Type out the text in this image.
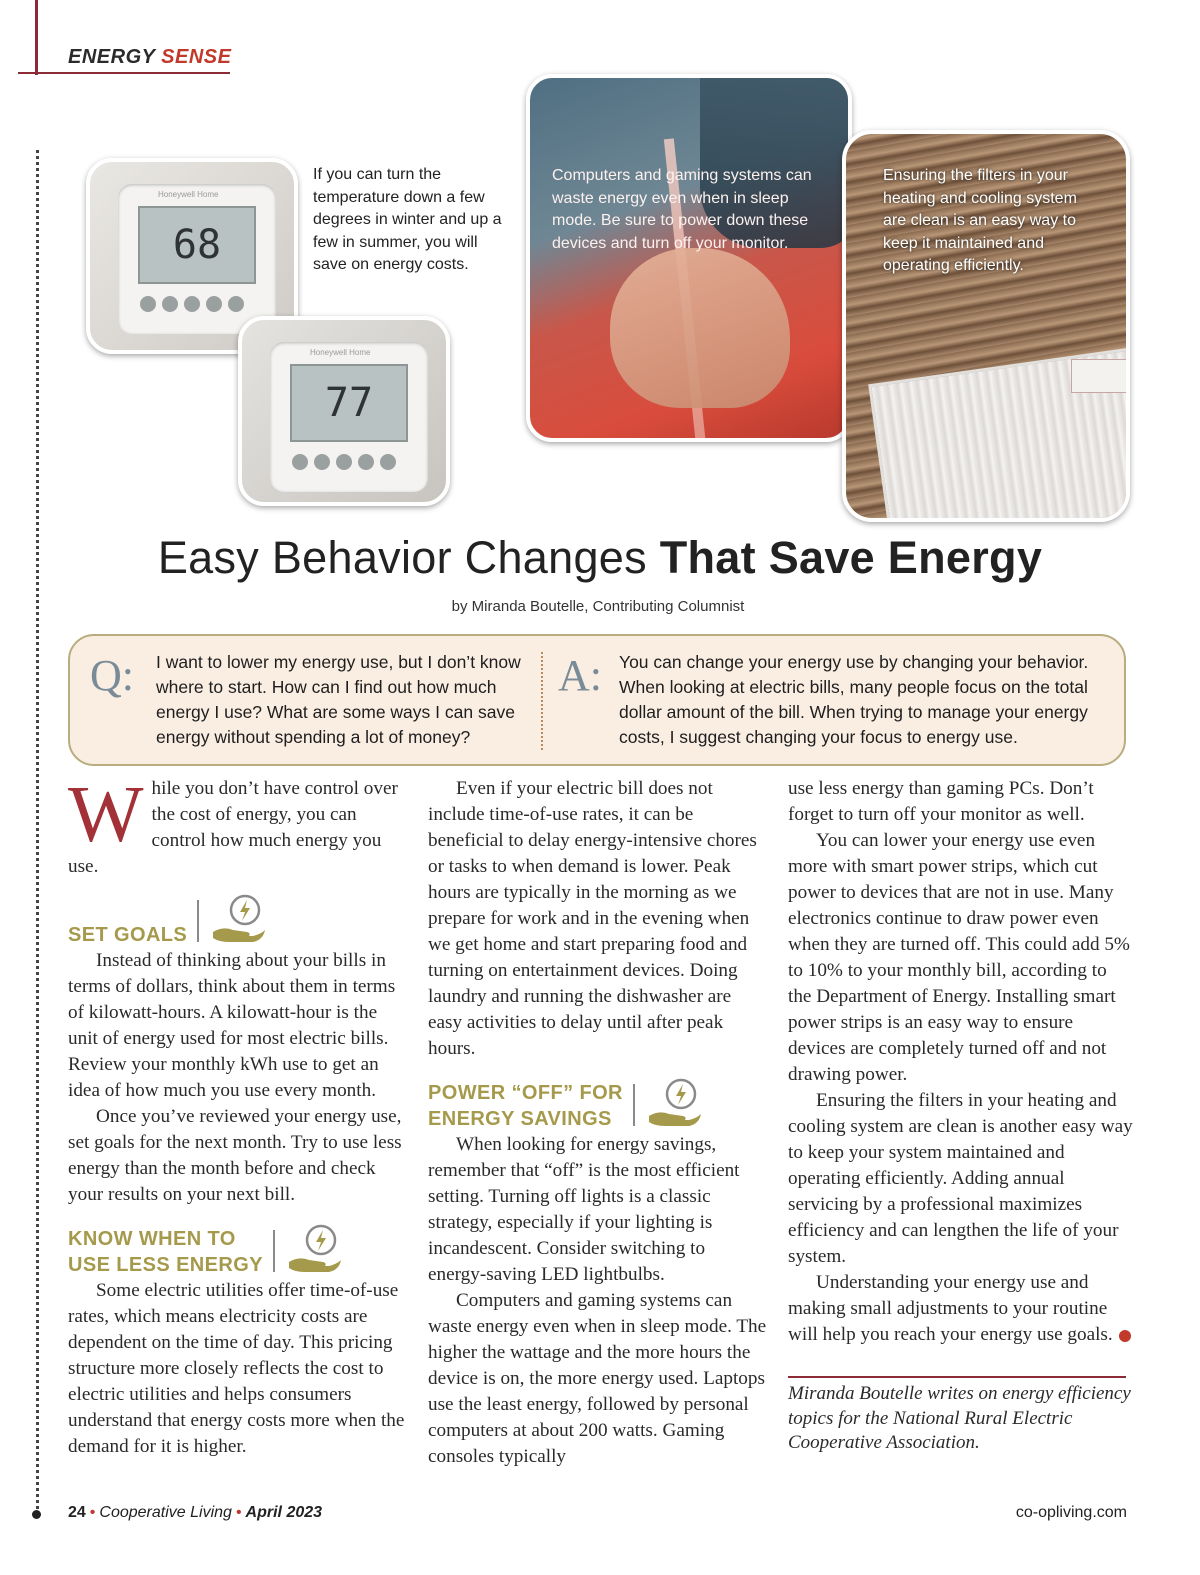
ENERGY SENSE
Honeywell Home
68
Honeywell Home
77
If you can turn the temperature down a few degrees in winter and up a few in summer, you will save on energy costs.
Computers and gaming systems can waste energy even when in sleep mode. Be sure to power down these devices and turn off your monitor.
Ensuring the filters in your heating and cooling system are clean is an easy way to keep it maintained and operating efficiently.
Easy Behavior Changes That Save Energy
by Miranda Boutelle, Contributing Columnist
Q: I want to lower my energy use, but I don’t know where to start. How can I find out how much energy I use? What are some ways I can save energy without spending a lot of money?
A: You can change your energy use by changing your behavior. When looking at electric bills, many people focus on the total dollar amount of the bill. When trying to manage your energy costs, I suggest changing your focus to energy use.

While you don’t have control over the cost of energy, you can control how much energy you use.

SET GOALS

Instead of thinking about your bills in terms of dollars, think about them in terms of kilowatt-hours. A kilowatt-hour is the unit of energy used for most electric bills. Review your monthly kWh use to get an idea of how much you use every month.

Once you’ve reviewed your energy use, set goals for the next month. Try to use less energy than the month before and check your results on your next bill.

KNOW WHEN TO
USE LESS ENERGY

Some electric utilities offer time-of-use rates, which means electricity costs are dependent on the time of day. This pricing structure more closely reflects the cost to electric utilities and helps consumers understand that energy costs more when the demand for it is higher.

Even if your electric bill does not include time-of-use rates, it can be beneficial to delay energy-intensive chores or tasks to when demand is lower. Peak hours are typically in the morning as we prepare for work and in the evening when we get home and start preparing food and turning on entertainment devices. Doing laundry and running the dishwasher are easy activities to delay until after peak hours.

POWER “OFF” FOR
ENERGY SAVINGS

When looking for energy savings, remember that “off” is the most efficient setting. Turning off lights is a classic strategy, especially if your lighting is incandescent. Consider switching to energy-saving LED lightbulbs.

Computers and gaming systems can waste energy even when in sleep mode. The higher the wattage and the more hours the device is on, the more energy used. Laptops use the least energy, followed by personal computers at about 200 watts. Gaming consoles typically

use less energy than gaming PCs. Don’t forget to turn off your monitor as well.

You can lower your energy use even more with smart power strips, which cut power to devices that are not in use. Many electronics continue to draw power even when they are turned off. This could add 5% to 10% to your monthly bill, according to the Department of Energy. Installing smart power strips is an easy way to ensure devices are completely turned off and not drawing power.

Ensuring the filters in your heating and cooling system are clean is another easy way to keep your system maintained and operating efficiently. Adding annual servicing by a professional maximizes efficiency and can lengthen the life of your system.

Understanding your energy use and making small adjustments to your routine will help you reach your energy use goals.

Miranda Boutelle writes on energy efficiency topics for the National Rural Electric Cooperative Association.

24 • Cooperative Living • April 2023	co-opliving.com
